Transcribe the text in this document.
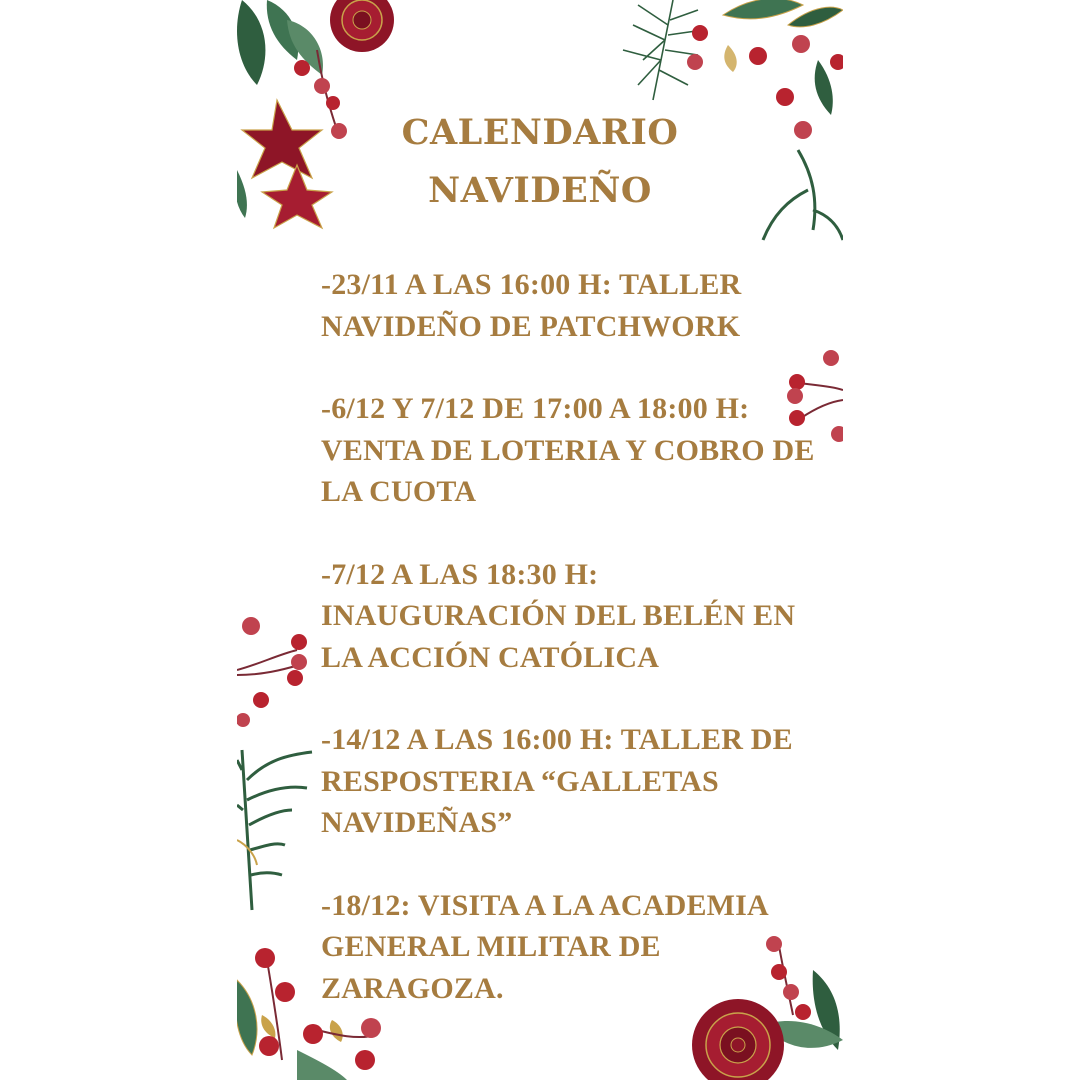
CALENDARIO
NAVIDEÑO
-23/11 A LAS 16:00 H: TALLER
NAVIDEÑO DE PATCHWORK
-6/12 Y 7/12 DE 17:00 A 18:00 H:
VENTA DE LOTERIA Y COBRO DE
LA CUOTA
-7/12 A LAS 18:30 H:
INAUGURACIÓN DEL BELÉN EN
LA ACCIÓN CATÓLICA
-14/12 A LAS 16:00 H: TALLER DE
RESPOSTERIA “GALLETAS
NAVIDEÑAS”
-18/12: VISITA A LA ACADEMIA
GENERAL MILITAR DE
ZARAGOZA.
